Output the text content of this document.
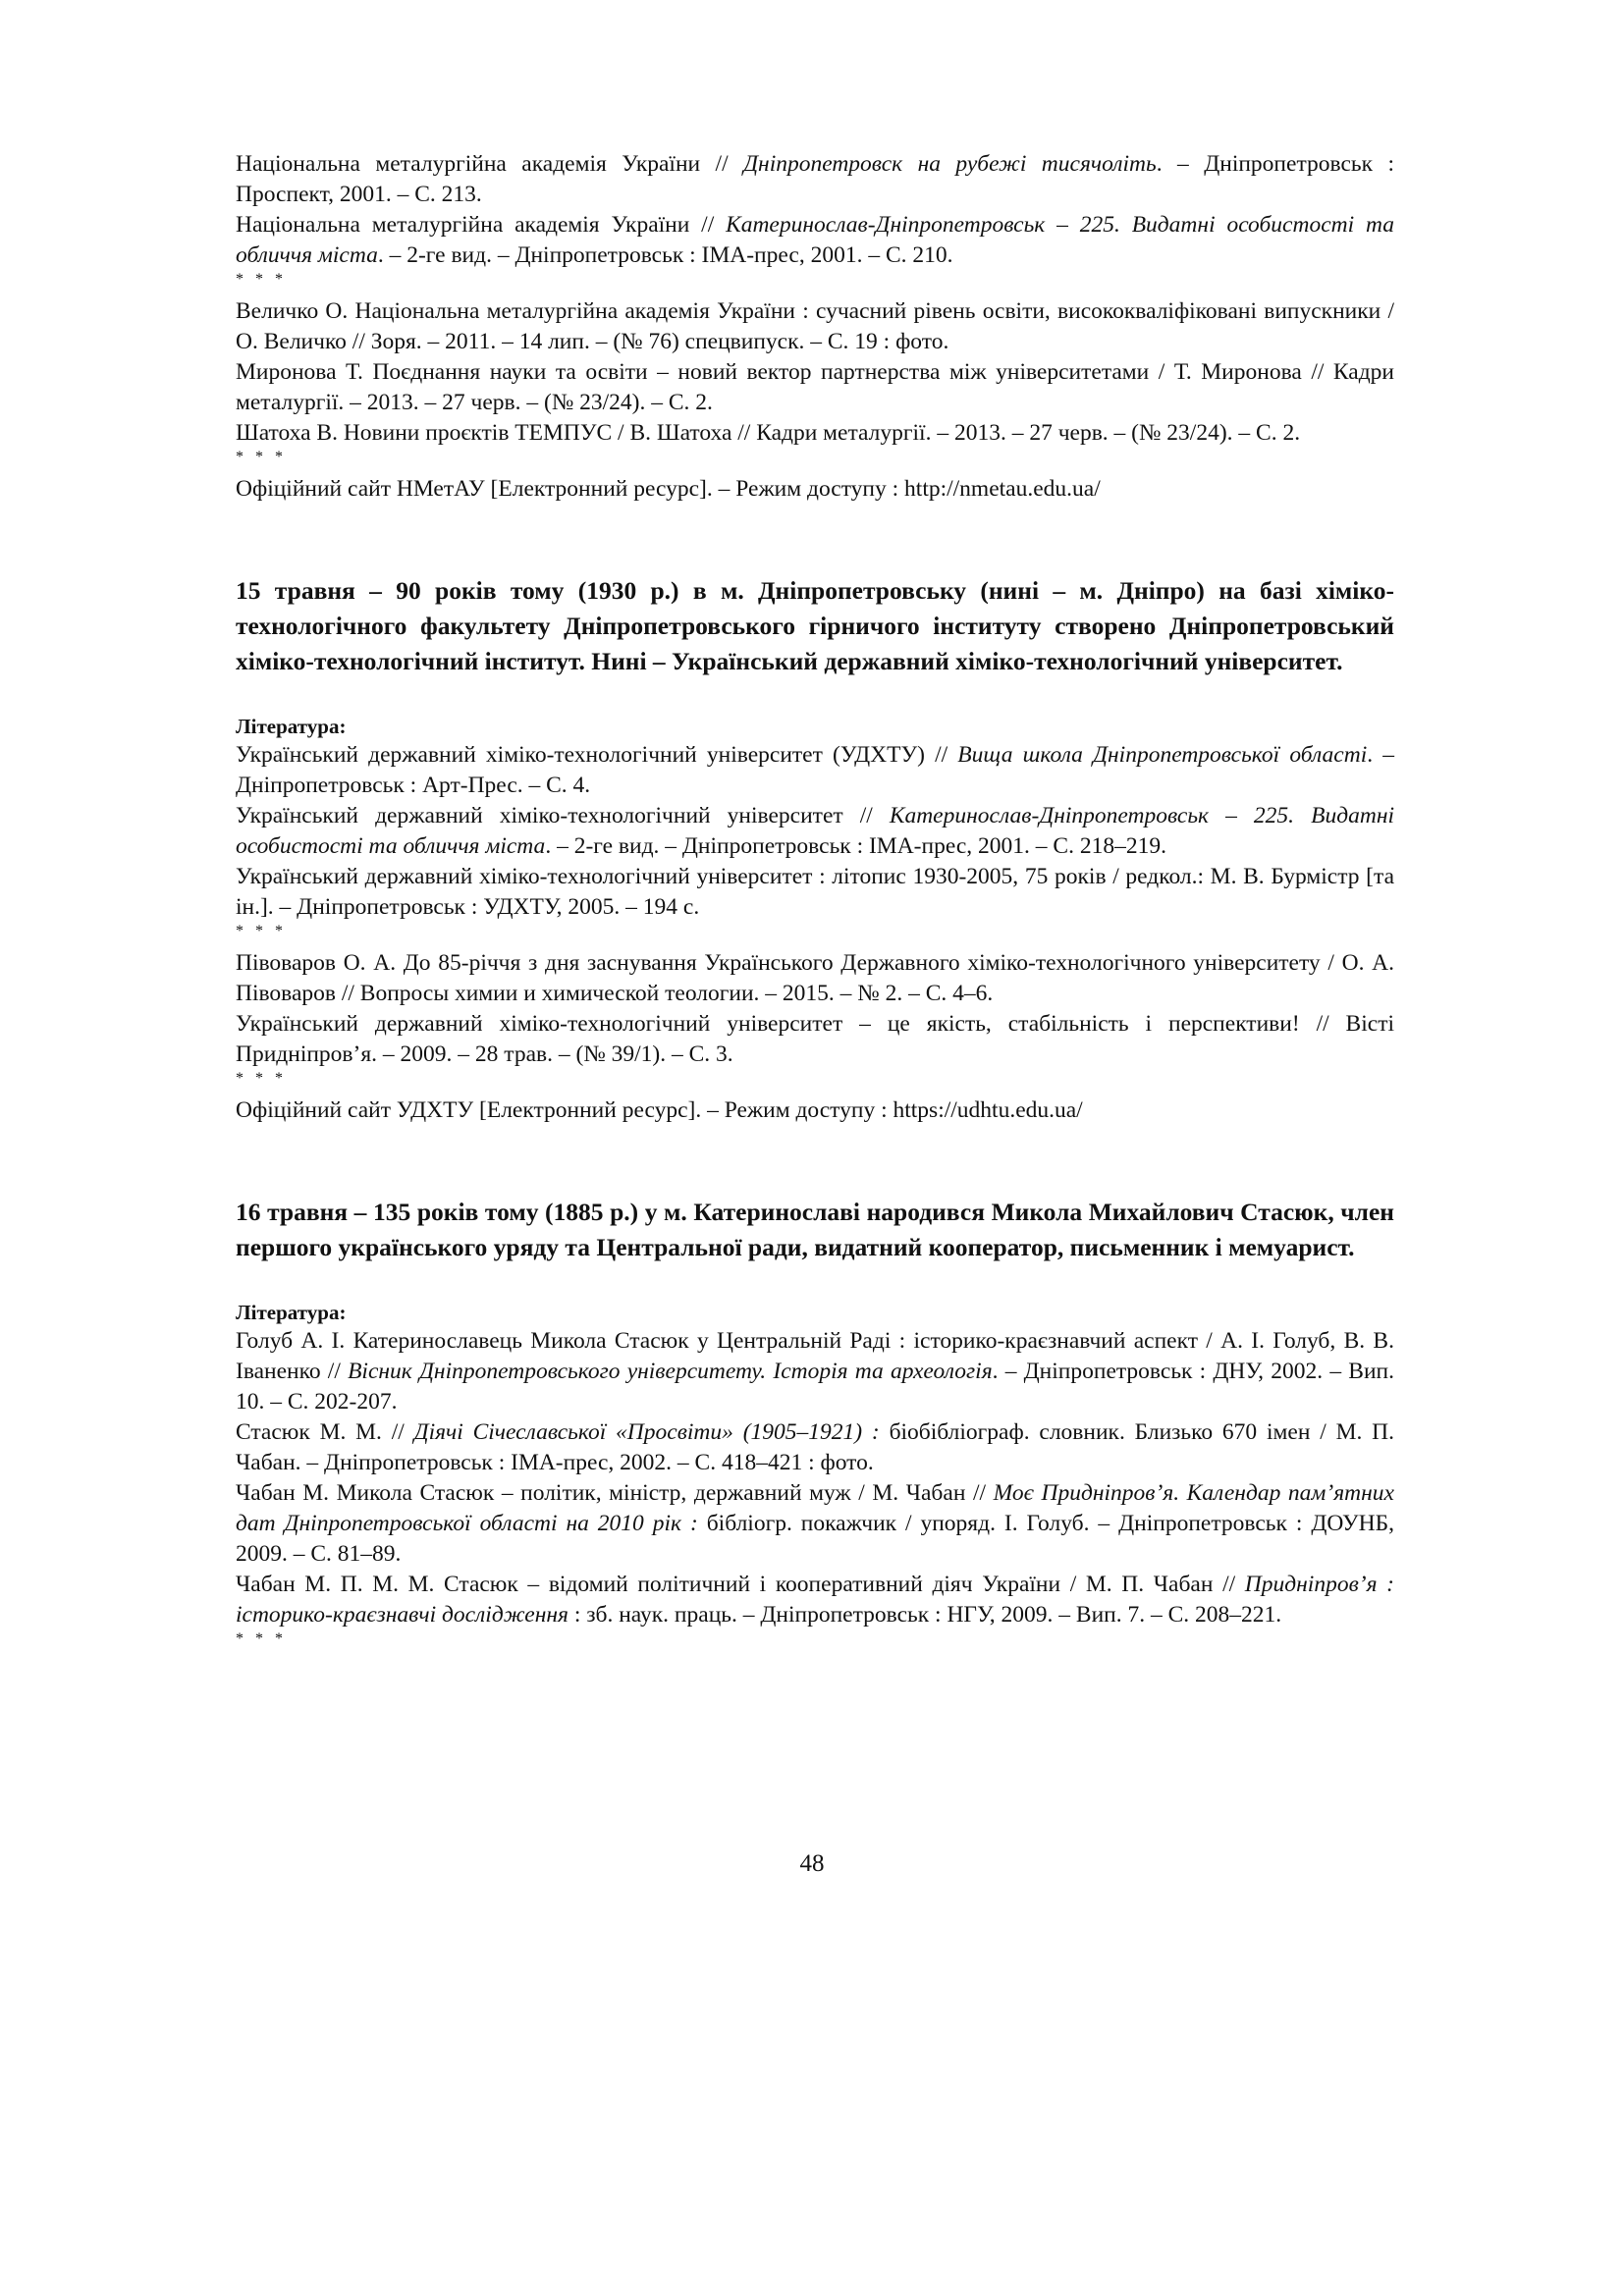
Національна металургійна академія України // Дніпропетровск на рубежі тисячоліть. – Дніпропетровськ : Проспект, 2001. – С. 213.

Національна металургійна академія України // Катеринослав-Дніпропетровськ – 225. Видатні особистості та обличчя міста. – 2-ге вид. – Дніпропетровськ : ІМА-прес, 2001. – С. 210.

* * *

Величко О. Національна металургійна академія України : сучасний рівень освіти, висококваліфіковані випускники / О. Величко // Зоря. – 2011. – 14 лип. – (№ 76) спецвипуск. – С. 19 : фото.

Миронова Т. Поєднання науки та освіти – новий вектор партнерства між університетами / Т. Миронова // Кадри металургії. – 2013. – 27 черв. – (№ 23/24). – С. 2.

Шатоха В. Новини проєктів ТЕМПУС / В. Шатоха // Кадри металургії. – 2013. – 27 черв. – (№ 23/24). – С. 2.

* * *

Офіційний сайт НМетАУ [Електронний ресурс]. – Режим доступу : http://nmetau.edu.ua/

15 травня – 90 років тому (1930 р.) в м. Дніпропетровську (нині – м. Дніпро) на базі хіміко-технологічного факультету Дніпропетровського гірничого інституту створено Дніпропетровський хіміко-технологічний інститут. Нині – Український державний хіміко-технологічний університет.

Література:

Український державний хіміко-технологічний університет (УДХТУ) // Вища школа Дніпропетровської області. – Дніпропетровськ : Арт-Прес. – С. 4.

Український державний хіміко-технологічний університет // Катеринослав-Дніпропетровськ – 225. Видатні особистості та обличчя міста. – 2-ге вид. – Дніпропетровськ : ІМА-прес, 2001. – С. 218–219.

Український державний хіміко-технологічний університет : літопис 1930-2005, 75 років / редкол.: М. В. Бурмістр [та ін.]. – Дніпропетровськ : УДХТУ, 2005. – 194 с.

* * *

Півоваров О. А. До 85-річчя з дня заснування Українського Державного хіміко-технологічного університету / О. А. Півоваров // Вопросы химии и химической теологии. – 2015. – № 2. – С. 4–6.

Український державний хіміко-технологічний університет – це якість, стабільність і перспективи! // Вісті Придніпров’я. – 2009. – 28 трав. – (№ 39/1). – С. 3.

* * *

Офіційний сайт УДХТУ [Електронний ресурс]. – Режим доступу : https://udhtu.edu.ua/

16 травня – 135 років тому (1885 р.) у м. Катеринославі народився Микола Михайлович Стасюк, член першого українського уряду та Центральної ради, видатний кооператор, письменник і мемуарист.

Література:

Голуб А. І. Катеринославець Микола Стасюк у Центральній Раді : історико-краєзнавчий аспект / А. І. Голуб, В. В. Іваненко // Вісник Дніпропетровського університету. Історія та археологія. – Дніпропетровськ : ДНУ, 2002. – Вип. 10. – С. 202-207.

Стасюк М. М. // Діячі Січеславської «Просвіти» (1905–1921) : біобібліограф. словник. Близько 670 імен / М. П. Чабан. – Дніпропетровськ : ІМА-прес, 2002. – С. 418–421 : фото.

Чабан М. Микола Стасюк – політик, міністр, державний муж / М. Чабан // Моє Придніпров’я. Календар пам’ятних дат Дніпропетровської області на 2010 рік : бібліогр. покажчик / упоряд. І. Голуб. – Дніпропетровськ : ДОУНБ, 2009. – С. 81–89.

Чабан М. П. М. М. Стасюк – відомий політичний і кооперативний діяч України / М. П. Чабан // Придніпров’я : історико-краєзнавчі дослідження : зб. наук. праць. – Дніпропетровськ : НГУ, 2009. – Вип. 7. – С. 208–221.

* * *

48
